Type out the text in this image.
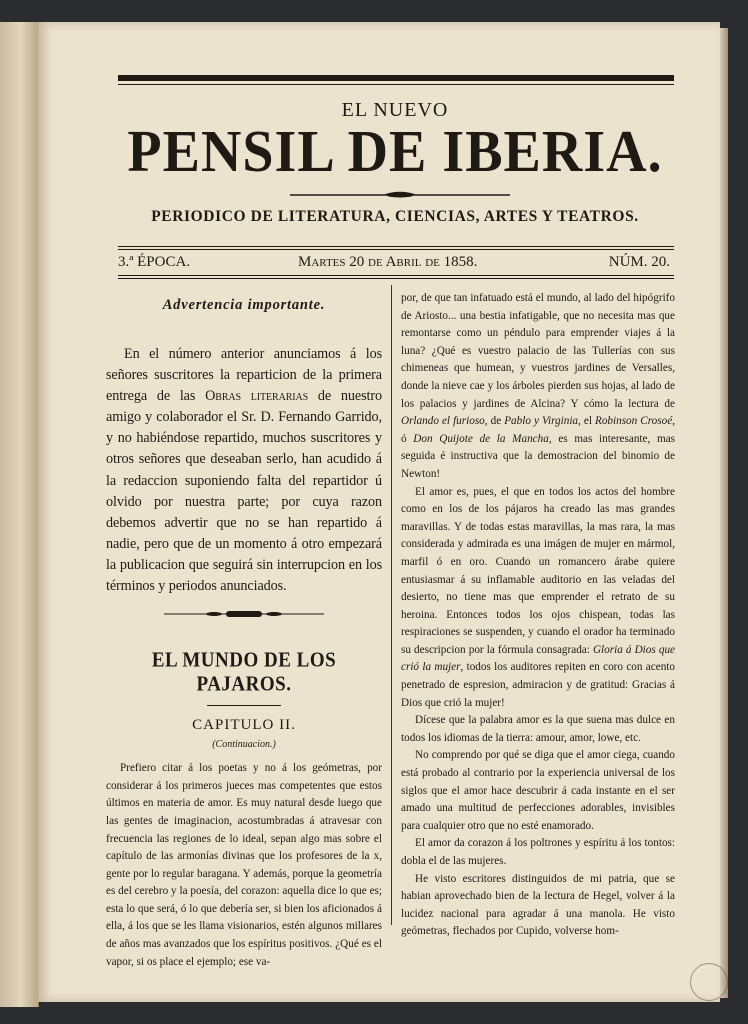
EL NUEVO
PENSIL DE IBERIA.
PERIODICO DE LITERATURA, CIENCIAS, ARTES Y TEATROS.
3.ª ÉPOCA.	Martes 20 de Abril de 1858.	NÚM. 20.
Advertencia importante.
En el número anterior anunciamos á los señores suscritores la reparticion de la primera entrega de las Obras literarias de nuestro amigo y colaborador el Sr. D. Fernando Garrido, y no habiéndose repartido, muchos suscritores y otros señores que deseaban serlo, han acudido á la redaccion suponiendo falta del repartidor ú olvido por nuestra parte; por cuya razon debemos advertir que no se han repartido á nadie, pero que de un momento á otro empezará la publicacion que seguirá sin interrupcion en los términos y periodos anunciados.
EL MUNDO DE LOS PAJAROS.
CAPITULO II.
(Continuacion.)

Prefiero citar á los poetas y no á los geómetras, por considerar á los primeros jueces mas competentes que estos últimos en materia de amor. Es muy natural desde luego que las gentes de imaginacion, acostumbradas á atravesar con frecuencia las regiones de lo ideal, sepan algo mas sobre el capítulo de las armonías divinas que los profesores de la x, gente por lo regular baragana. Y además, porque la geometría es del cerebro y la poesía, del corazon: aquella dice lo que es; esta lo que será, ó lo que debería ser, si bien los aficionados á ella, á los que se les llama visionarios, estén algunos millares de años mas avanzados que los espíritus positivos. ¿Qué es el vapor, si os place el ejemplo; ese va-

por, de que tan infatuado está el mundo, al lado del hipógrifo de Ariosto... una bestia infatigable, que no necesita mas que remontarse como un péndulo para emprender viajes á la luna? ¿Qué es vuestro palacio de las Tullerías con sus chimeneas que humean, y vuestros jardines de Versalles, donde la nieve cae y los árboles pierden sus hojas, al lado de los palacios y jardines de Alcina? Y cómo la lectura de Orlando el furioso, de Pablo y Virginia, el Robinson Crosoé, ó Don Quijote de la Mancha, es mas interesante, mas seguida é instructiva que la demostracion del binomio de Newton!

El amor es, pues, el que en todos los actos del hombre como en los de los pájaros ha creado las mas grandes maravillas. Y de todas estas maravillas, la mas rara, la mas considerada y admirada es una imágen de mujer en mármol, marfil ó en oro. Cuando un romancero árabe quiere entusiasmar á su inflamable auditorio en las veladas del desierto, no tiene mas que emprender el retrato de su heroina. Entonces todos los ojos chispean, todas las respiraciones se suspenden, y cuando el orador ha terminado su descripcion por la fórmula consagrada: Gloria á Dios que crió la mujer, todos los auditores repiten en coro con acento penetrado de espresion, admiracion y de gratitud: Gracias á Dios que crió la mujer!

Dícese que la palabra amor es la que suena mas dulce en todos los idiomas de la tierra: amour, amor, lowe, etc.

No comprendo por qué se diga que el amor ciega, cuando está probado al contrario por la experiencia universal de los siglos que el amor hace descubrir á cada instante en el ser amado una multitud de perfecciones adorables, invisibles para cualquier otro que no esté enamorado.

El amor da corazon á los poltrones y espíritu á los tontos: dobla el de las mujeres.

He visto escritores distinguidos de mi patria, que se habian aprovechado bien de la lectura de Hegel, volver á la lucidez nacional para agradar á una manola. He visto geómetras, flechados por Cupido, volverse hom-
